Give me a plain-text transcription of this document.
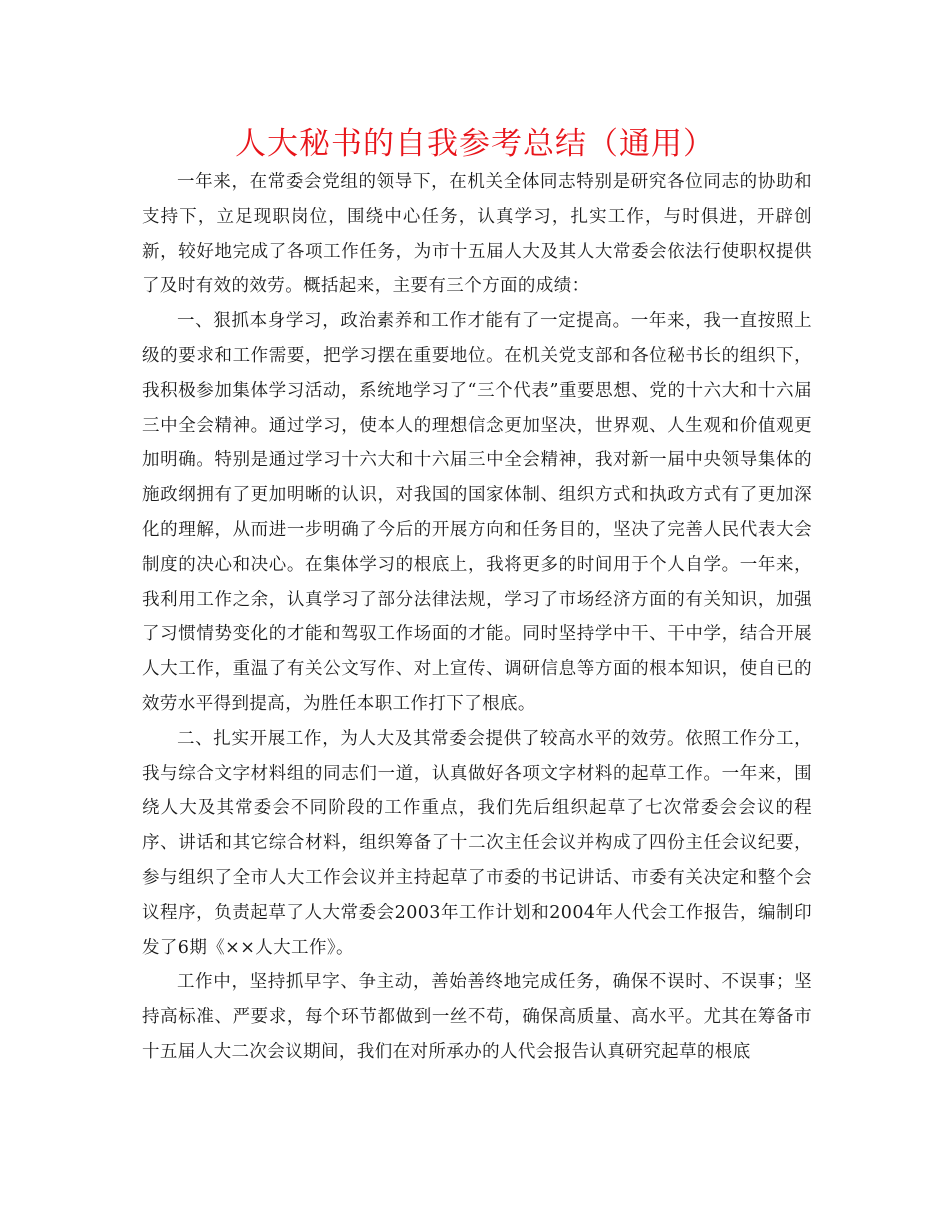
人大秘书的自我参考总结（通用）

一年来，在常委会党组的领导下，在机关全体同志特别是研究各位同志的协助和支持下，立足现职岗位，围绕中心任务，认真学习，扎实工作，与时俱进，开辟创新，较好地完成了各项工作任务，为市十五届人大及其人大常委会依法行使职权提供了及时有效的效劳。概括起来，主要有三个方面的成绩：

一、狠抓本身学习，政治素养和工作才能有了一定提高。一年来，我一直按照上级的要求和工作需要，把学习摆在重要地位。在机关党支部和各位秘书长的组织下，我积极参加集体学习活动，系统地学习了“三个代表”重要思想、党的十六大和十六届三中全会精神。通过学习，使本人的理想信念更加坚决，世界观、人生观和价值观更加明确。特别是通过学习十六大和十六届三中全会精神，我对新一届中央领导集体的施政纲拥有了更加明晰的认识，对我国的国家体制、组织方式和执政方式有了更加深化的理解，从而进一步明确了今后的开展方向和任务目的，坚决了完善人民代表大会制度的决心和决心。在集体学习的根底上，我将更多的时间用于个人自学。一年来，我利用工作之余，认真学习了部分法律法规，学习了市场经济方面的有关知识，加强了习惯情势变化的才能和驾驭工作场面的才能。同时坚持学中干、干中学，结合开展人大工作，重温了有关公文写作、对上宣传、调研信息等方面的根本知识，使自已的效劳水平得到提高，为胜任本职工作打下了根底。

二、扎实开展工作，为人大及其常委会提供了较高水平的效劳。依照工作分工，我与综合文字材料组的同志们一道，认真做好各项文字材料的起草工作。一年来，围绕人大及其常委会不同阶段的工作重点，我们先后组织起草了七次常委会会议的程序、讲话和其它综合材料，组织筹备了十二次主任会议并构成了四份主任会议纪要，参与组织了全市人大工作会议并主持起草了市委的书记讲话、市委有关决定和整个会议程序，负责起草了人大常委会2003年工作计划和2004年人代会工作报告，编制印发了6期《××人大工作》。

工作中，坚持抓早字、争主动，善始善终地完成任务，确保不误时、不误事；坚持高标准、严要求，每个环节都做到一丝不苟，确保高质量、高水平。尤其在筹备市十五届人大二次会议期间，我们在对所承办的人代会报告认真研究起草的根底
